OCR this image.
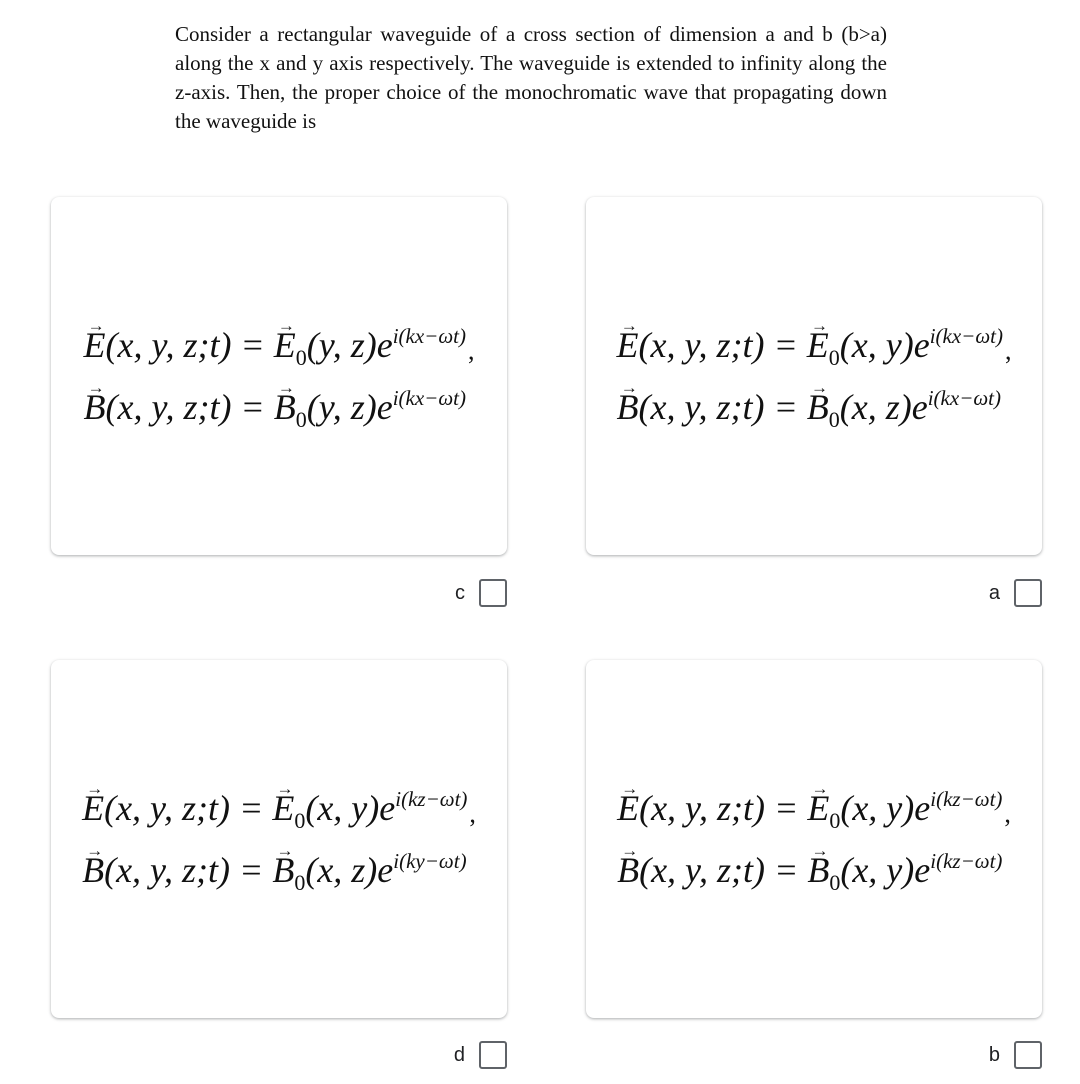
Consider a rectangular waveguide of a cross section of dimension a and b (b>a) along the x and y axis respectively. The waveguide is extended to infinity along the z-axis. Then, the proper choice of the monochromatic wave that propagating down the waveguide is
→ E(x, y, z;t) = → $E_0(y$, $z)e^{i(kx-\omega t)}$,
→ B(x, y, z;t) = → $B_0(y$, $z)e^{i(kx-\omega t)}$
c
→ E(x, y, z;t) = → $E_0(x$, $y)e^{i(kx-\omega t)}$,
→ B(x, y, z;t) = → $B_0(x$, $z)e^{i(kx-\omega t)}$
a
→ E(x, y, z;t) = → $E_0(x$, $y)e^{i(kz-\omega t)}$,
→ B(x, y, z;t) = → $B_0(x$, $z)e^{i(ky-\omega t)}$
d
→ E(x, y, z;t) = → $E_0(x$, $y)e^{i(kz-\omega t)}$,
→ B(x, y, z;t) = → $B_0(x$, $y)e^{i(kz-\omega t)}$
b
